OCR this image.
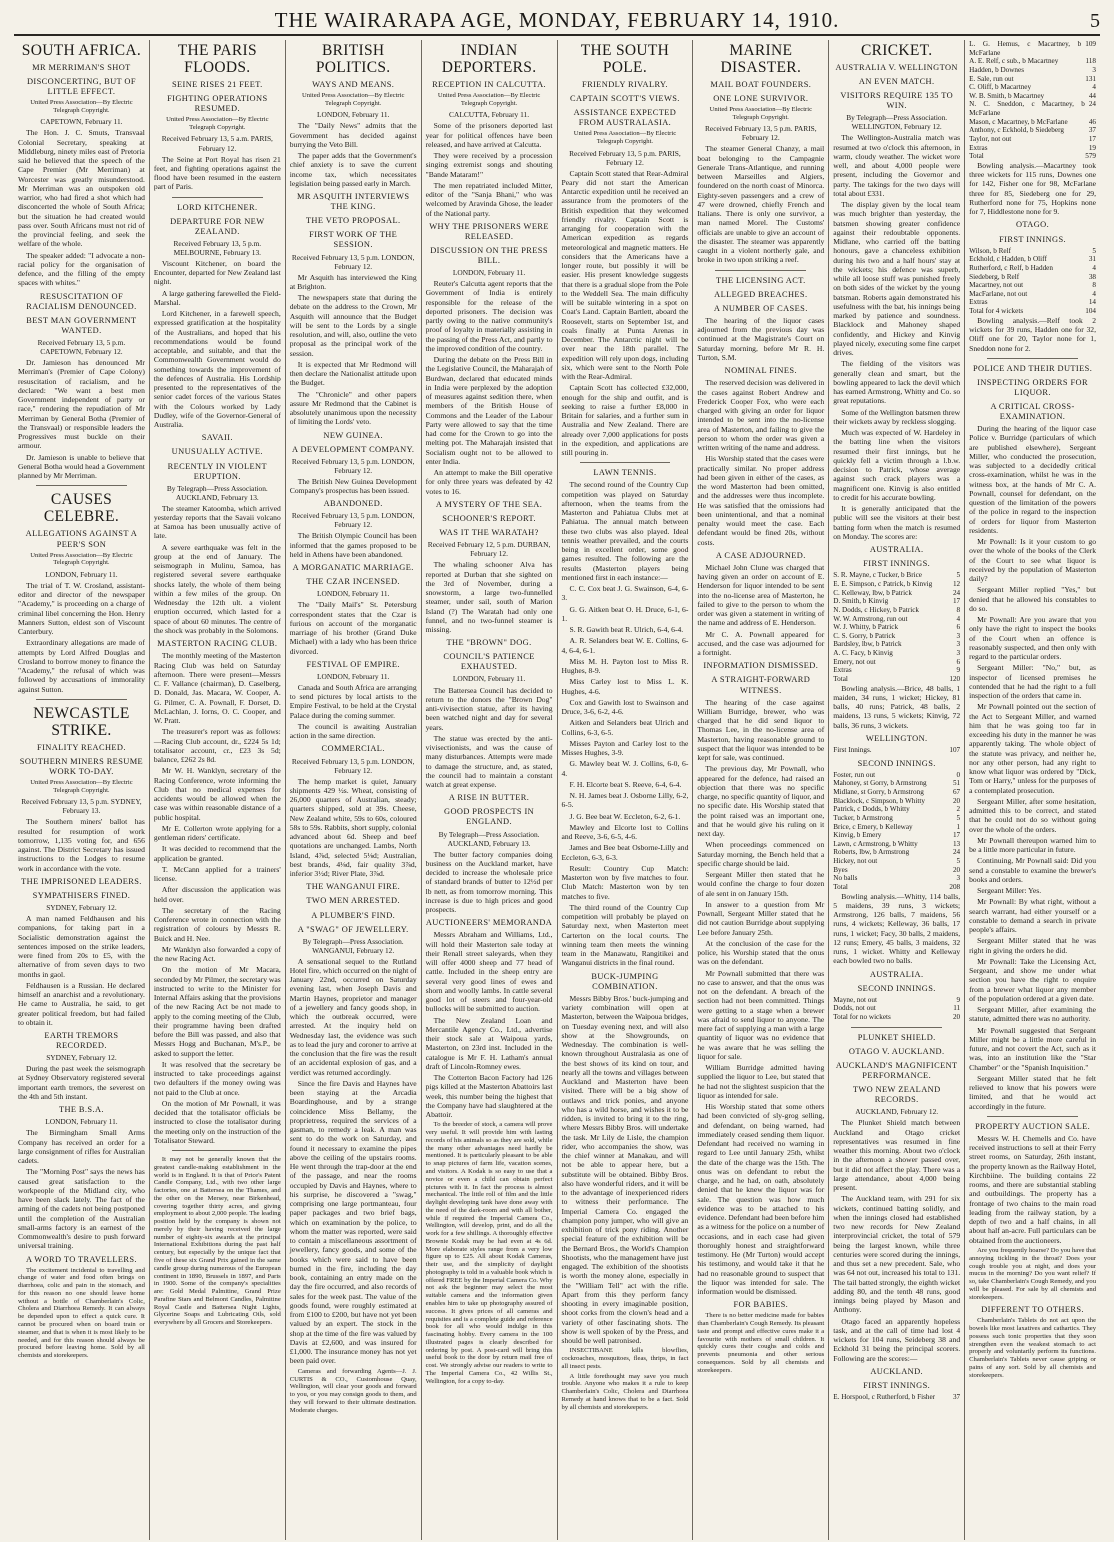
THE WAIRARAPA AGE, MONDAY, FEBRUARY 14, 1910.	5
SOUTH AFRICA.
MR MERRIMAN'S SHOT
DISCONCERTING, BUT OF LITTLE EFFECT.
United Press Association—By Electric Telegraph Copyright.
CAPETOWN, February 11.

The Hon. J. C. Smuts, Transvaal Colonial Secretary, speaking at Middleburg, ninety miles east of Pretoria said he believed that the speech of the Cape Premier (Mr Merriman) at Worcester was greatly misunderstood. Mr Merriman was an outspoken old warrior, who had fired a shot which had disconcerted the whole of South Africa; but the situation he had created would pass over. South Africans must not rid of the provincial feeling, and seek the welfare of the whole.

The speaker added: "I advocate a non-racial policy for the organisation of defence, and the filling of the empty spaces with whites."

RESUSCITATION OF RACIALISM DENOUNCED.
BEST MAN GOVERNMENT WANTED.
Received February 13, 5 p.m. CAPETOWN, February 12.

Dr. Jamieson has denounced Mr Merriman's (Premier of Cape Colony) resuscitation of racialism, and he declared: "We want a best men Government independent of party or race," rendering the repudiation of Mr Merriman by General Botha (Premier of the Transvaal) or responsible leaders the Progressives must buckle on their armour.

Dr. Jamieson is unable to believe that General Botha would head a Government planned by Mr Merriman.

CAUSES CELEBRE.
ALLEGATIONS AGAINST A PEER'S SON
United Press Association—By Electric Telegraph Copyright.
LONDON, February 11.

The trial of T. W. Crosland, assistant-editor and director of the newspaper "Academy," is proceeding on a charge of criminal libel concerning the Hon. Henry Manners Sutton, eldest son of Viscount Canterbury.

Extraordinary allegations are made of attempts by Lord Alfred Douglas and Crosland to borrow money to finance the "Academy," the refusal of which was followed by accusations of immorality against Sutton.

NEWCASTLE STRIKE.
FINALITY REACHED.
SOUTHERN MINERS RESUME WORK TO-DAY.
United Press Association—By Electric Telegraph Copyright.
Received February 13, 5 p.m. SYDNEY, February 13.

The Southern miners' ballot has resulted for resumption of work tomorrow, 1,135 voting for, and 656 against. The District Secretary has issued instructions to the Lodges to resume work in accordance with the vote.

THE IMPRISONED LEADERS.
SYMPATHISERS FINED.
SYDNEY, February 12.

A man named Feldhausen and his companions, for taking part in a Socialistic demonstration against the sentences imposed on the strike leaders, were fined from 20s to £5, with the alternative of from seven days to two months in gaol.

Feldhausen is a Russian. He declared himself an anarchist and a revolutionary. He came to Australia, he said, to get greater political freedom, but had failed to obtain it.

EARTH TREMORS RECORDED.
SYDNEY, February 12.

During the past week the seismograph at Sydney Observatory registered several important earth tremors, the severest on the 4th and 5th instant.

THE B.S.A.
LONDON, February 11.

The Birmingham Small Arms Company has received an order for a large consignment of rifles for Australian cadets.

The "Morning Post" says the news has caused great satisfaction to the workpeople of the Midland city, who have been slack lately. The fact of the arming of the cadets not being postponed until the completion of the Australian small-arms factory is an earnest of the Commonwealth's desire to push forward universal training.

A WORD TO TRAVELLERS.

The excitement incidental to travelling and change of water and food often brings on diarrhoea, colic and pain in the stomach, and for this reason no one should leave home without a bottle of Chamberlain's Colic, Cholera and Diarrhoea Remedy. It can always be depended upon to effect a quick cure. It cannot be procured when on board train or steamer, and that is when it is most likely to be needed, and for this reason should always be procured before leaving home. Sold by all chemists and storekeepers.

THE PARIS FLOODS.
SEINE RISES 21 FEET.
FIGHTING OPERATIONS RESUMED.
United Press Association—By Electric Telegraph Copyright.
Received February 13, 5 a.m. PARIS, February 12.

The Seine at Port Royal has risen 21 feet, and fighting operations against the flood have been resumed in the eastern part of Paris.

LORD KITCHENER.
DEPARTURE FOR NEW ZEALAND.
Received February 13, 5 p.m. MELBOURNE, February 13.

Viscount Kitchener, on board the Encounter, departed for New Zealand last night.

A large gathering farewelled the Field-Marshal.

Lord Kitchener, in a farewell speech, expressed gratification at the hospitality of the Australians, and hoped that his recommendations would be found acceptable, and suitable, and that the Commonwealth Government would do something towards the improvement of the defences of Australia. His Lordship presented to the representatives of the senior cadet forces of the various States with the Colours worked by Lady Dudley, wife of the Governor-General of Australia.

SAVAII.
UNUSUALLY ACTIVE.
RECENTLY IN VIOLENT ERUPTION.
By Telegraph—Press Association. AUCKLAND, February 13.

The steamer Katoomba, which arrived yesterday reports that the Savaii volcano at Samoa has been unusually active of late.

A severe earthquake was felt in the group at the end of January. The seismograph in Mulinu, Samoa, has registered several severe earthquake shocks lately, the whole of them being within a few miles of the group. On Wednesday the 12th ult. a violent eruption occurred, which lasted for a space of about 60 minutes. The centre of the shock was probably in the Solomons.

MASTERTON RACING CLUB.

The monthly meeting of the Masterton Racing Club was held on Saturday afternoon. There were present—Messrs C. F. Vallance (chairman), D. Caselberg, D. Donald, Jas. Macara, W. Cooper, A. G. Pilmer, C. A. Pownall, F. Dorset, D. McLachlan, J. Iorns, O. C. Cooper, and W. Pratt.

The treasurer's report was as follows:—Racing Club account, dr., £224 5s 1d; totalisator account, cr., £23 3s 5d; balance, £262 2s 8d.

Mr W. H. Wanklyn, secretary of the Racing Conference, wrote informing the Club that no medical expenses for accidents would be allowed when the case was within reasonable distance of a public hospital.

Mr E. Collerton wrote applying for a gentleman riders' certificate.

It was decided to recommend that the application be granted.

T. McCann applied for a trainers' license.

After discussion the application was held over.

The secretary of the Racing Conference wrote in connection with the registration of colours by Messrs R. Buick and H. Nee.

Mr Wanklyn also forwarded a copy of the new Racing Act.

On the motion of Mr Macara, seconded by Mr Pilmer, the secretary was instructed to write to the Minister for Internal Affairs asking that the provisions of the new Racing Act be not made to apply to the coming meeting of the Club, their programme having been drafted before the Bill was passed, and also that Messrs Hogg and Buchanan, M's.P., be asked to support the letter.

It was resolved that the secretary be instructed to take proceedings against two defaulters if the money owing was not paid to the Club at once.

On the motion of Mr Pownall, it was decided that the totalisator officials be instructed to close the totalisator during the meeting only on the instruction of the Totalisator Steward.

It may not be generally known that the greatest candle-making establishment in the world is in England. It is that of Price's Patent Candle Company, Ltd., with two other large factories, one at Battersea on the Thames, and the other on the Mersey, near Birkenhead, covering together thirty acres, and giving employment to about 2,000 people. The leading position held by the company is shown not merely by their having received the large number of eighty-six awards at the principal International Exhibitions during the past half century, but especially by the unique fact that five of these six Grand Prix gained in the same candle group during numerous of the European continent in 1890, Brussels in 1897, and Paris in 1900. Some of the company's specialities are: Gold Medal Palmitine, Grand Prize Parafine Stars and Belmont Candles, Palmitine Royal Castle and Battersea Night Lights, Glycerine Soaps and Lubricating Oils, sold everywhere by all Grocers and Storekeepers.

BRITISH POLITICS.
WAYS AND MEANS.
United Press Association—By Electric Telegraph Copyright.
LONDON, February 11.

The "Daily News" admits that the Government has decided against burrying the Veto Bill.

The paper adds that the Government's chief anxiety is to save the current income tax, which necessitates legislation being passed early in March.

MR ASQUITH INTERVIEWS THE KING.
THE VETO PROPOSAL.
FIRST WORK OF THE SESSION.
Received February 13, 5 p.m. LONDON, February 12.

Mr Asquith has interviewed the King at Brighton.

The newspapers state that during the debate on the address to the Crown, Mr Asquith will announce that the Budget will be sent to the Lords by a single resolution, and will, also, outline the veto proposal as the principal work of the session.

It is expected that Mr Redmond will then declare the Nationalist attitude upon the Budget.

The "Chronicle" and other papers assure Mr Redmond that the Cabinet is absolutely unanimous upon the necessity of limiting the Lords' veto.

NEW GUINEA.
A DEVELOPMENT COMPANY.
Received February 13, 5 p.m. LONDON, February 12.

The British New Guinea Development Company's prospectus has been issued.

ABANDONED.
Received February 13, 5 p.m. LONDON, February 12.

The British Olympic Council has been informed that the games proposed to be held in Athens have been abandoned.

A MORGANATIC MARRIAGE.
THE CZAR INCENSED.
LONDON, February 11.

The "Daily Mail's" St. Petersburg correspondent states that the Czar is furious on account of the morganatic marriage of his brother (Grand Duke Michael) with a lady who has been thrice divorced.

FESTIVAL OF EMPIRE.
LONDON, February 11.

Canada and South Africa are arranging to send pictures by local artists to the Empire Festival, to be held at the Crystal Palace during the coming summer.

The council is awaiting Australian action in the same direction.

COMMERCIAL.
Received February 13, 5 p.m. LONDON, February 12.

The hemp market is quiet, January shipments 429 ½s. Wheat, consisting of 26,000 quarters of Australian, steady; quarters shipped, sold at 39s. Cheese, New Zealand white, 59s to 60s, coloured 58s to 59s. Rabbits, short supply, colonial advanced about 6d. Sheep and beef quotations are unchanged. Lambs, North Island, 4⅞d, selected 5⅛d; Australian, best brands, 4⅛d, fair quality 3⅞d, inferior 3½d; River Plate, 3⅞d.

THE WANGANUI FIRE.
TWO MEN ARRESTED.
A PLUMBER'S FIND.
A "SWAG" OF JEWELLERY.
By Telegraph—Press Association. WANGANUI, February 12.

A sensational sequel to the Rutland Hotel fire, which occurred on the night of January 22nd, occurred on Saturday evening last, when Joseph Davis and Martin Haynes, proprietor and manager of a jewellery and fancy goods shop, in which the outbreak occurred, were arrested. At the inquiry held on Wednesday last, the evidence was such as to lead the jury and coroner to arrive at the conclusion that the fire was the result of an accidental explosion of gas, and a verdict was returned accordingly.

Since the fire Davis and Haynes have been staying at the Arcadia Boardinghouse, and by a strange coincidence Miss Bellamy, the proprietress, required the services of a gasman, to remedy a leak. A man was sent to do the work on Saturday, and found it necessary to examine the pipes above the ceiling of the upstairs rooms. He went through the trap-door at the end of the passage, and near the rooms occupied by Davis and Haynes, where to his surprise, he discovered a "swag," comprising one large portmanteau, four paper packages and two brief bags, which on examination by the police, to whom the matter was reported, were said to contain a miscellaneous assortment of jewellery, fancy goods, and some of the books which were said to have been burned in the fire, including the day book, containing an entry made on the day the fire occurred, and also records of sales for the week past. The value of the goods found, were roughly estimated at from £100 to £200, but have not yet been valued by an expert. The stock in the shop at the time of the fire was valued by Davis at £2,600, and was insured for £1,000. The insurance money has not yet been paid over.

Cameras and forwarding Agents—J. J. CURTIS & CO., Customhouse Quay, Wellington, will clear your goods and forward to you, or you may consign goods to them, and they will forward to their ultimate destination. Moderate charges.

INDIAN DEPORTERS.
RECEPTION IN CALCUTTA.
United Press Association—By Electric Telegraph Copyright.
CALCUTTA, February 11.

Some of the prisoners deported last year for political offences have been released, and have arrived at Calcutta.

They were received by a procession singing extremist songs and shouting "Bande Mataram!"

The men repatriated included Mitter, editor of the "Sanja Bhani," who was welcomed by Aravinda Ghose, the leader of the National party.

WHY THE PRISONERS WERE RELEASED.
DISCUSSION ON THE PRESS BILL.
LONDON, February 11.

Reuter's Calcutta agent reports that the Government of India is entirely responsible for the release of the deported prisoners. The decision was partly owing to the native community's proof of loyalty in materially assisting in the passing of the Press Act, and partly to the improved condition of the country.

During the debate on the Press Bill in the Legislative Council, the Maharajah of Burdwan, declared that educated minds in India were perplexed by the adoption of measures against sedition there, when members of the British House of Commons and the Leader of the Labour Party were allowed to say that the time had come for the Crown to go into the melting pot. The Maharajah insisted that Socialism ought not to be allowed to enter India.

An attempt to make the Bill operative for only three years was defeated by 42 votes to 16.

A MYSTERY OF THE SEA.
SCHOONER'S REPORT.
WAS IT THE WARATAH?
Received February 12, 5 p.m. DURBAN, February 12.

The whaling schooner Alva has reported at Durban that she sighted on the 3rd of November, during a snowstorm, a large two-funnelled steamer, under sail, south of Marion Island (?) The Waratah had only one funnel, and no two-funnel steamer is missing.

THE "BROWN" DOG.
COUNCIL'S PATIENCE EXHAUSTED.
LONDON, February 11.

The Battersea Council has decided to return to the donors the "Brown Dog" anti-vivisection statue, after its having been watched night and day for several years.

The statue was erected by the anti-vivisectionists, and was the cause of many disturbances. Attempts were made to damage the structure, and, as stated, the council had to maintain a constant watch at great expense.

A RISE IN BUTTER.
GOOD PROSPECTS IN ENGLAND.
By Telegraph—Press Association. AUCKLAND, February 13.

The butter factory companies doing business on the Auckland market, have decided to increase the wholesale price of standard brands of butter to 12½d per lb nett, as from tomorrow morning. This increase is due to high prices and good prospects.

AUCTIONEERS' MEMORANDA

Messrs Abraham and Williams, Ltd., will hold their Masterton sale today at their Renall street saleyards, when they will offer 4000 sheep and 77 head of cattle. Included in the sheep entry are several very good lines of ewes and shorn and woolly lambs. In cattle several good lot of steers and four-year-old bullocks will be submitted to auction.

The New Zealand Loan and Mercantile Agency Co., Ltd., advertise their stock sale at Waipoua yards, Masterton, on 23rd inst. Included in the catalogue is Mr F. H. Latham's annual draft of Lincoln-Romney ewes.

The Cotterton Bacon Factory had 126 pigs killed at the Masterton Abattoirs last week, this number being the highest that the Company have had slaughtered at the Abattoir.

To the breeder of stock, a camera will prove very useful. It will provide him with lasting records of his animals so as they are sold, while the many other advantages need hardly be mentioned. It is particularly pleasant to be able to snap pictures of farm life, vacation scenes, and visitors. A Kodak is so easy to use that a novice or even a child can obtain perfect pictures with it. In fact the process is almost mechanical. The little roll of film and the little daylight developing tank have done away with the need of the dark-room and with all bother, while if required the Imperial Camera Co., Wellington, will develop, print, and do all the work for a few shillings. A thoroughly effective Brownie Kodak may be had even at 4s 6d. More elaborate styles range from a very low figure up to £25. All about Kodak Cameras, their use, and the simplicity of daylight photography is told in a valuable book which is offered FREE by the Imperial Camera Co. Why not ask the beginner may select the most suitable camera and the information given enables him to take up photography assured of success. It gives prices of all cameras and requisites and is a complete guide and reference book for all who would indulge in this fascinating hobby. Every camera in the 100 illustrated pages is clearly described for ordering by post. A post-card will bring this useful book to the door by return mail free of cost. We strongly advise our readers to write to The Imperial Camera Co., 42 Willis St., Wellington, for a copy to-day.

THE SOUTH POLE.
FRIENDLY RIVALRY.
CAPTAIN SCOTT'S VIEWS.
ASSISTANCE EXPECTED FROM AUSTRALASIA.
United Press Association—By Electric Telegraph Copyright.
Received February 13, 5 p.m. PARIS, February 12.

Captain Scott stated that Rear-Admiral Peary did not start the American Antarctic expedition until he received an assurance from the promoters of the British expedition that they welcomed friendly rivalry. Captain Scott is arranging for cooperation with the American expedition as regards meteorological and magnetic matters. He considers that the Americans have a longer route, but possibly it will be easier. His present knowledge suggests that there is a gradual slope from the Pole to the Weddell Sea. The main difficulty will be suitable wintering in a spot on Coat's Land. Captain Bartlett, aboard the Roosevelt, starts on September 1st, and coals finally at Punta Arenas in December. The Antarctic night will be over near the 18th parallel. The expedition will rely upon dogs, including six, which were sent to the North Pole with the Rear-Admiral.

Captain Scott has collected £32,000, enough for the ship and outfit, and is seeking to raise a further £8,000 in Britain for salaries, and a further sum in Australia and New Zealand. There are already over 7,000 applications for posts in the expedition, and applications are still pouring in.

LAWN TENNIS.

The second round of the Country Cup competition was played on Saturday afternoon, when the teams from the Masterton and Pahiatua Clubs met at Pahiatua. The annual match between these two clubs was also played. Ideal tennis weather prevailed, and the courts being in excellent order, some good games resulted. The following are the results (Masterton players being mentioned first in each instance:—

C. C. Cox beat J. G. Swainson, 6-4, 6-3.

G. G. Aitken beat O. H. Druce, 6-1, 6-1.

S. R. Gawith beat R. Ulrich, 6-4, 6-4.

A. R. Selanders beat W. E. Collins, 6-4, 6-4, 6-1.

Miss M. H. Payton lost to Miss R. Hughes, 8-9.

Miss Carley lost to Miss L. K. Hughes, 4-6.

Cox and Gawith lost to Swainson and Druce, 3-6, 6-2, 4-6.

Aitken and Selanders beat Ulrich and Collins, 6-3, 6-5.

Misses Payton and Carley lost to the Misses Hughes, 3-9.

G. Mawley beat W. J. Collins, 6-0, 6-4.

F. H. Elcorte beat S. Reeve, 6-4, 6-4.

N. H. James beat J. Osborne Lilly, 6-2, 6-5.

J. G. Bee beat W. Eccleton, 6-2, 6-1.

Mawley and Elcorte lost to Collins and Reeve, 3-6, 6-5, 4-6.

James and Bee beat Osborne-Lilly and Eccleton, 6-3, 6-3.

Result: Country Cup Match: Masterton won by five matches to four. Club Match: Masterton won by ten matches to five.

The third round of the Country Cup competition will probably be played on Saturday next, when Masterton meet Carterton on the local courts. The winning team then meets the winning team in the Manawatu, Rangitikei and Wanganui districts in the final round.

BUCK-JUMPING COMBINATION.

Messrs Bibby Bros.' buck-jumping and variety combination will open at Masterton, between the Waipoua bridges, on Tuesday evening next, and will also show at the Showgrounds, on Wednesday. The combination is well-known throughout Australasia as one of the best shows of its kind on tour, and nearly all the towns and villages between Auckland and Masterton have been visited. There will be a big show of outlaws and trick ponies, and anyone who has a wild horse, and wishes it to be ridden, is invited to bring it to the ring, where Messrs Bibby Bros. will undertake the task. Mr Lily de Lisle, the champion rider, who accompanies the show, was the chief winner at Manakau, and will not be able to appear here, but a substitute will be obtained. Bibby Bros. also have wonderful riders, and it will be to the advantage of inexperienced riders to witness their performance. The Imperial Camera Co. engaged the champion pony jumper, who will give an exhibition of trick pony riding. Another special feature of the exhibition will be the Bernard Bros., the World's Champion Shootists, who the management have just engaged. The exhibition of the shootists is worth the money alone, especially in the "William Tell" act with the rifle. Apart from this they perform fancy shooting in every imaginable position, shoot corks from the clown's head and a variety of other fascinating shots. The show is well spoken of by the Press, and should be well patronised.

INSECTIBANE kills blowflies, cockroaches, mosquitoes, fleas, thrips, in fact all insect pests.

A little forethought may save you much trouble. Anyone who makes it a rule to keep Chamberlain's Colic, Cholera and Diarrhoea Remedy at hand knows that to be a fact. Sold by all chemists and storekeepers.

MARINE DISASTER.
MAIL BOAT FOUNDERS.
ONE LONE SURVIVOR.
United Press Association—By Electric Telegraph Copyright.
Received February 13, 5 p.m. PARIS, February 12.

The steamer General Chanzy, a mail boat belonging to the Campagnie Generale Trans-Atlantique, and running between Marseilles and Algiers, foundered on the north coast of Minorca. Eighty-seven passengers and a crew of 47 were drowned, chiefly French and Italians. There is only one survivor, a man named Morel. The Customs' officials are unable to give an account of the disaster. The steamer was apparently caught in a violent northerly gale, and broke in two upon striking a reef.

THE LICENSING ACT.
ALLEGED BREACHES.
A NUMBER OF CASES.

The hearing of the liquor cases adjourned from the previous day was continued at the Magistrate's Court on Saturday morning, before Mr R. H. Turton, S.M.

NOMINAL FINES.

The reserved decision was delivered in the cases against Robert Andrew and Frederick Cooper Fox, who were each charged with giving an order for liquor intended to be sent into the no-license area of Masterton, and failing to give the person to whom the order was given a written writing of the name and address.

His Worship stated that the cases were practically similar. No proper address had been given in either of the cases, as the word Masterton had been omitted, and the addresses were thus incomplete. He was satisfied that the omissions had been unintentional, and that a nominal penalty would meet the case. Each defendant would be fined 20s, without costs.

A CASE ADJOURNED.

Michael John Clune was charged that having given an order on account of E. Henderson for liquor intended to be sent into the no-license area of Masterton, he failed to give to the person to whom the order was given a statement in writing of the name and address of E. Henderson.

Mr C. A. Pownall appeared for accused, and the case was adjourned for a fortnight.

INFORMATION DISMISSED.
A STRAIGHT-FORWARD WITNESS.

The hearing of the case against William Burridge, brewer, who was charged that he did send liquor to Thomas Lee, in the no-license area of Masterton, having reasonable ground to suspect that the liquor was intended to be kept for sale, was continued.

The previous day, Mr Pownall, who appeared for the defence, had raised an objection that there was no specific charge, no specific quantity of liquor, and no specific date. His Worship stated that the point raised was an important one, and that he would give his ruling on it next day.

When proceedings commenced on Saturday morning, the Bench held that a specific charge should be laid.

Sergeant Miller then stated that he would confine the charge to four dozen of ale sent in on January 15th.

In answer to a question from Mr Pownall, Sergeant Miller stated that he did not caution Burridge about supplying Lee before January 25th.

At the conclusion of the case for the police, his Worship stated that the onus was on the defendant.

Mr Pownall submitted that there was no case to answer, and that the onus was not on the defendant. A breach of the section had not been committed. Things were getting to a stage when a brewer was afraid to send liquor to anyone. The mere fact of supplying a man with a large quantity of liquor was no evidence that he was aware that he was selling the liquor for sale.

William Burridge admitted having supplied the liquor to Lee, but stated that he had not the slightest suspicion that the liquor as intended for sale.

His Worship stated that some others had been convicted of sly-grog selling, and defendant, on being warned, had immediately ceased sending them liquor. Defendant had received no warning in regard to Lee until January 25th, whilst the date of the charge was the 15th. The onus was on defendant to rebut the charge, and he had, on oath, absolutely denied that he knew the liquor was for sale. The question was how much evidence was to be attached to his evidence. Defendant had been before him as a witness for the police on a number of occasions, and in each case had given thoroughly honest and straightforward testimony. He (Mr Turton) would accept his testimony, and would take it that he had no reasonable ground to suspect that the liquor was intended for sale. The information would be dismissed.

FOR BABIES.

There is no better medicine made for babies than Chamberlain's Cough Remedy. Its pleasant taste and prompt and effective cures make it a favourite with mothers of small children. It quickly cures their coughs and colds and prevents pneumonia and other serious consequences. Sold by all chemists and storekeepers.

CRICKET.
AUSTRALIA V. WELLINGTON
AN EVEN MATCH.
VISITORS REQUIRE 135 TO WIN.
By Telegraph—Press Association. WELLINGTON, February 12.

The Wellington-Australia match was resumed at two o'clock this afternoon, in warm, cloudy weather. The wicket wore well, and about 4,000 people were present, including the Governor and party. The takings for the two days will total about £331.

The display given by the local team was much brighter than yesterday, the batsmen showing greater confidence against their redoubtable opponents. Midlane, who carried off the batting honours, gave a chanceless exhibition during his two and a half hours' stay at the wickets; his defence was superb, while all loose stuff was punished freely on both sides of the wicket by the young batsman. Roberts again demonstrated his usefulness with the bat, his innings being marked by patience and soundness. Blacklock and Mahoney shaped confidently, and Hickey and Kinvig played nicely, executing some fine carpet drives.

The fielding of the visitors was generally clean and smart, but the bowling appeared to lack the devil which has earned Armstrong, Whitty and Co. so great reputations.

Some of the Wellington batsmen threw their wickets away by reckless slogging.

Much was expected of W. Hardeley in the batting line when the visitors resumed their first innings, but he quickly fell a victim through a l.b.w. decision to Patrick, whose average against such crack players was a magnificent one. Kinvig is also entitled to credit for his accurate bowling.

It is generally anticipated that the public will see the visitors at their best batting form when the match is resumed on Monday. The scores are:

AUSTRALIA.
FIRST INNINGS.
S. R. Mayne, c Tucker, b Brice	5
E. E. Simpson, c Patrick, b Kinvig	12
C. Kelleway, lbw, b Patrick	24
D. Smith, b Kinvig	17
N. Dodds, c Hickey, b Patrick	8
W. W. Armstrong, run out	4
W. J. Whitty, b Patrick	6
C. S. Gorry, b Patrick	3
Bardsley, lbw, b Patrick	3
A. C. Facy, b Kinvig	3
Emery, not out	6
Extras	9
Total	120

Bowling analysis.—Brice, 48 balls, 1 maiden, 34 runs, 1 wicket; Hickey, 81 balls, 40 runs; Patrick, 48 balls, 2 maidens, 13 runs, 5 wickets; Kinvig, 72 balls, 36 runs, 3 wickets.

WELLINGTON.
First Innings.	107
SECOND INNINGS.
Foster, run out	0
Mahoney, st Gorry, b Armstrong	51
Midlane, st Gorry, b Armstrong	67
Blacklock, c Simpson, b Whitty	20
Patrick, c Dodds, b Whitty	2
Tucker, b Armstrong	5
Brice, c Emery, b Kelleway	1
Kinvig, b Emery	17
Lawn, c Armstrong, b Whitty	13
Roberts, lbw, b Armstrong	24
Hickey, not out	5
Byes	20
No balls	3
Total	208

Bowling analysis.—Whitty, 114 balls, 5 maidens, 39 runs, 3 wickets; Armstrong, 126 balls, 7 maidens, 56 runs, 4 wickets; Kelleway, 36 balls, 17 runs, 1 wicket; Facy, 30 balls, 2 maidens, 12 runs; Emery, 45 balls, 3 maidens, 32 runs, 1 wicket. Whitty and Kelleway each bowled two no balls.

AUSTRALIA.
SECOND INNINGS.
Mayne, not out	9
Dodds, not out	11
Total for no wickets	20
PLUNKET SHIELD.
OTAGO V. AUCKLAND.
AUCKLAND'S MAGNIFICENT PERFORMANCE.
TWO NEW ZEALAND RECORDS.
AUCKLAND, February 12.

The Plunket Shield match between Auckland and Otago cricket representatives was resumed in fine weather this morning. About two o'clock in the afternoon a shower passed over, but it did not affect the play. There was a large attendance, about 4,000 being present.

The Auckland team, with 291 for six wickets, continued batting solidly, and when the innings closed had established two new records for New Zealand interprovincial cricket, the total of 579 being the largest known, while three centuries were scored during the innings, and thus set a new precedent. Sale, who was 64 not out, increased his total to 131. The tail batted strongly, the eighth wicket adding 80, and the tenth 48 runs, good innings being played by Mason and Anthony.

Otago faced an apparently hopeless task, and at the call of time had lost 4 wickets for 104 runs, Seideberg 38 and Eckhold 31 being the principal scorers. Following are the scores:—

AUCKLAND.
FIRST INNINGS.
E. Horspool, c Rutherford, b Fisher	37
L. G. Hemus, c Macartney, b McFarlane
109
A. E. Relf, c sub., b Macartney	118
Hadden, b Downes	3
E. Sale, run out	131
C. Oliff, b Macartney	4
W. B. Smith, b Macartney	44
N. C. Sneddon, c Macartney, b McFarlane
24
Mason, c Macartney, b McFarlane	46
Anthony, c Eckhold, b Siedeberg	37
Taylor, not out	17
Extras	19
Total	579

Bowling analysis.—Macartney took three wickets for 115 runs, Downes one for 142, Fisher one for 98, McFarlane three for 85, Siedeberg one for 29, Rutherford none for 75, Hopkins none for 7, Hiddlestone none for 9.

OTAGO.
FIRST INNINGS.
Wilson, b Relf	5
Eckhold, c Hadden, b Oliff	31
Rutherford, c Relf, b Hadden	4
Siedeberg, b Relf	38
Macartney, not out	8
MacFarlane, not out	4
Extras	14
Total for 4 wickets	104

Bowling analysis.—Relf took 2 wickets for 39 runs, Hadden one for 32, Oliff one for 20, Taylor none for 1, Sneddon none for 2.

POLICE AND THEIR DUTIES.
INSPECTING ORDERS FOR LIQUOR.
A CRITICAL CROSS-EXAMINATION.

During the hearing of the liquor case Police v. Burridge (particulars of which are published elsewhere), Sergeant Miller, who conducted the prosecution, was subjected to a decidedly critical cross-examination, whilst he was in the witness box, at the hands of Mr C. A. Pownall, counsel for defendant, on the question of the limitation of the powers of the police in regard to the inspection of orders for liquor from Masterton residents.

Mr Pownall: Is it your custom to go over the whole of the books of the Clerk of the Court to see what liquor is received by the population of Masterton daily?

Sergeant Miller replied "Yes," but denied that he allowed his constables to do so.

Mr Pownall: Are you aware that you only have the right to inspect the books of the Court when an offence is reasonably suspected, and then only with regard to the particular orders.

Sergeant Miller: "No," but, as inspector of licensed premises he contended that he had the right to a full inspection of the orders that came in.

Mr Pownall pointed out the section of the Act to Sergeant Miller, and warned him that he was going too far in exceeding his duty in the manner he was apparently taking. The whole object of the statute was privacy, and neither he, nor any other person, had any right to know what liquor was ordered by "Dick, Tom or Harry," unless for the purposes of a contemplated prosecution.

Sergeant Miller, after some hesitation, admitted this to be correct, and stated that he could not do so without going over the whole of the orders.

Mr Pownall thereupon warned him to be a little more particular in future.

Continuing, Mr Pownall said: Did you send a constable to examine the brewer's books and orders.

Sergeant Miller: Yes.

Mr Pownall: By what right, without a search warrant, had either yourself or a constable to demand a search in private people's affairs.

Sergeant Miller stated that he was right in giving the orders he did.

Mr Pownall: Take the Licensing Act, Sergeant, and show me under what section you have the right to enquire from a brewer what liquor any member of the population ordered at a given date.

Sergeant Miller, after examining the statute, admitted there was no authority.

Mr Pownall suggested that Sergeant Miller might be a little more careful in future, and not covert the Act, such as it was, into an institution like the "Star Chamber" or the "Spanish Inquisition."

Sergeant Miller stated that he felt relieved to know that his powers were limited, and that he would act accordingly in the future.

PROPERTY AUCTION SALE.

Messrs W. H. Chemells and Co. have received instructions to sell at their Ferry street rooms, on Saturday, 26th instant, the property known as the Railway Hotel, Kirchbiine. The building contains 22 rooms, and there are substantial stabling and outbuildings. The property has a frontage of two chains to the main road leading from the railway station, by a depth of two and a half chains, in all about half an-acre. Full particulars can be obtained from the auctioneers.

Are you frequently hoarse? Do you have that annoying tickling in the throat? Does your cough trouble you at night, and does your mucus in the morning? Do you want relief? If so, take Chamberlain's Cough Remedy, and you will be pleased. For sale by all chemists and storekeepers.

DIFFERENT TO OTHERS.

Chamberlain's Tablets do not act upon the bowels like most laxatives and cathartics. They possess such tonic properties that they soon strengthen even the weakest stomach to act properly and voluntarily perform its functions. Chamberlain's Tablets never cause griping or pains of any sort. Sold by all chemists and storekeepers.
